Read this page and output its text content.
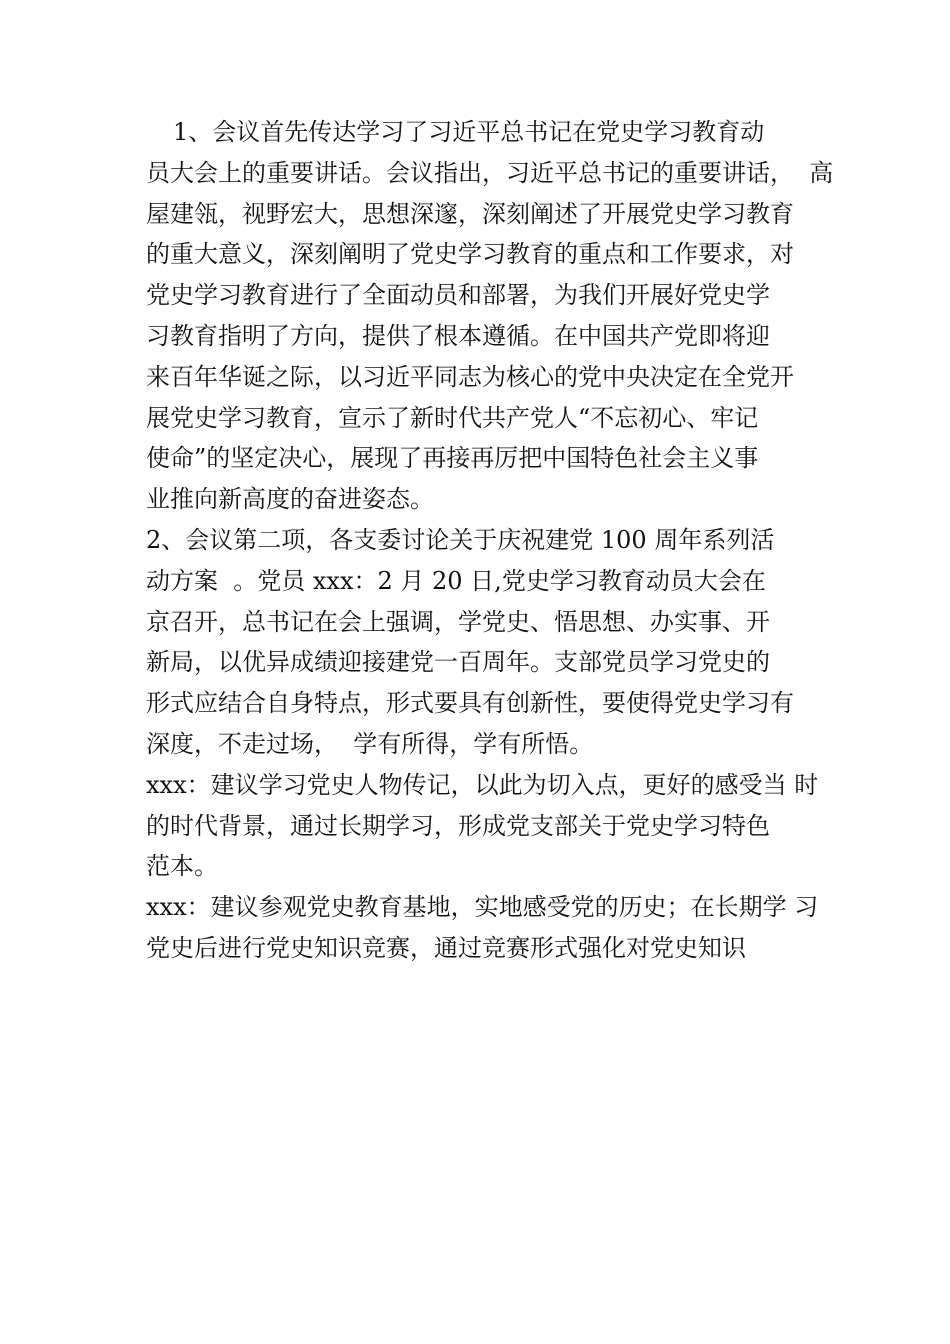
1、会议首先传达学习了习近平总书记在党史学习教育动
员大会上的重要讲话。会议指出，习近平总书记的重要讲话，  高
屋建瓴，视野宏大，思想深邃，深刻阐述了开展党史学习教育
的重大意义，深刻阐明了党史学习教育的重点和工作要求，对
党史学习教育进行了全面动员和部署，为我们开展好党史学
习教育指明了方向，提供了根本遵循。在中国共产党即将迎
来百年华诞之际，以习近平同志为核心的党中央决定在全党开
展党史学习教育，宣示了新时代共产党人“不忘初心、牢记
使命”的坚定决心，展现了再接再厉把中国特色社会主义事
业推向新高度的奋进姿态。
2、会议第二项，各支委讨论关于庆祝建党 100 周年系列活
动方案  。党员 xxx：2 月 20 日,党史学习教育动员大会在
京召开，总书记在会上强调，学党史、悟思想、办实事、开
新局，以优异成绩迎接建党一百周年。支部党员学习党史的
形式应结合自身特点，形式要具有创新性，要使得党史学习有
深度，不走过场，  学有所得，学有所悟。
xxx：建议学习党史人物传记，以此为切入点，更好的感受当 时
的时代背景，通过长期学习，形成党支部关于党史学习特色
范本。
xxx：建议参观党史教育基地，实地感受党的历史；在长期学 习
党史后进行党史知识竞赛，通过竞赛形式强化对党史知识
